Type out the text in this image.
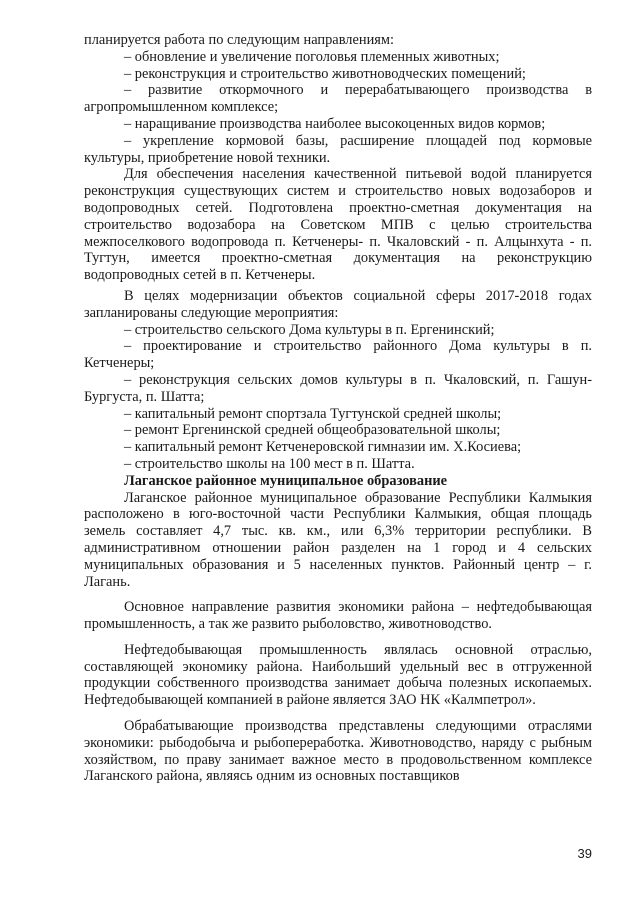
планируется работа по следующим направлениям:

– обновление и увеличение поголовья племенных животных;

– реконструкция и строительство животноводческих помещений;

– развитие откормочного и перерабатывающего производства в агропромышленном комплексе;

– наращивание производства наиболее высокоценных видов кормов;

– укрепление кормовой базы, расширение площадей под кормовые культуры, приобретение новой техники.

Для обеспечения населения качественной питьевой водой планируется реконструкция существующих систем и строительство новых водозаборов и водопроводных сетей. Подготовлена проектно-сметная документация на строительство водозабора на Советском МПВ с целью строительства межпоселкового водопровода п. Кетченеры- п. Чкаловский - п. Алцынхута - п. Тугтун, имеется проектно-сметная документация на реконструкцию водопроводных сетей в п. Кетченеры.

В целях модернизации объектов социальной сферы 2017-2018 годах запланированы следующие мероприятия:

– строительство сельского Дома культуры в п. Ергенинский;

– проектирование и строительство районного Дома культуры в п. Кетченеры;

– реконструкция сельских домов культуры в п. Чкаловский, п. Гашун-Бургуста, п. Шатта;

– капитальный ремонт спортзала Тугтунской средней школы;

– ремонт Ергенинской средней общеобразовательной школы;

– капитальный ремонт Кетченеровской гимназии им. Х.Косиева;

– строительство школы на 100 мест в п. Шатта.

Лаганское районное муниципальное образование

Лаганское районное муниципальное образование Республики Калмыкия расположено в юго-восточной части Республики Калмыкия, общая площадь земель составляет 4,7 тыс. кв. км., или 6,3% территории республики. В административном отношении район разделен на 1 город и 4 сельских муниципальных образования и 5 населенных пунктов. Районный центр – г. Лагань.

Основное направление развития экономики района – нефтедобывающая промышленность, а так же развито рыболовство, животноводство.

Нефтедобывающая промышленность являлась основной отраслью, составляющей экономику района. Наибольший удельный вес в отгруженной продукции собственного производства занимает добыча полезных ископаемых. Нефтедобывающей компанией в районе является ЗАО НК «Калмпетрол».

Обрабатывающие производства представлены следующими отраслями экономики: рыбодобыча и рыбопереработка. Животноводство, наряду с рыбным хозяйством, по праву занимает важное место в продовольственном комплексе Лаганского района, являясь одним из основных поставщиков

39
